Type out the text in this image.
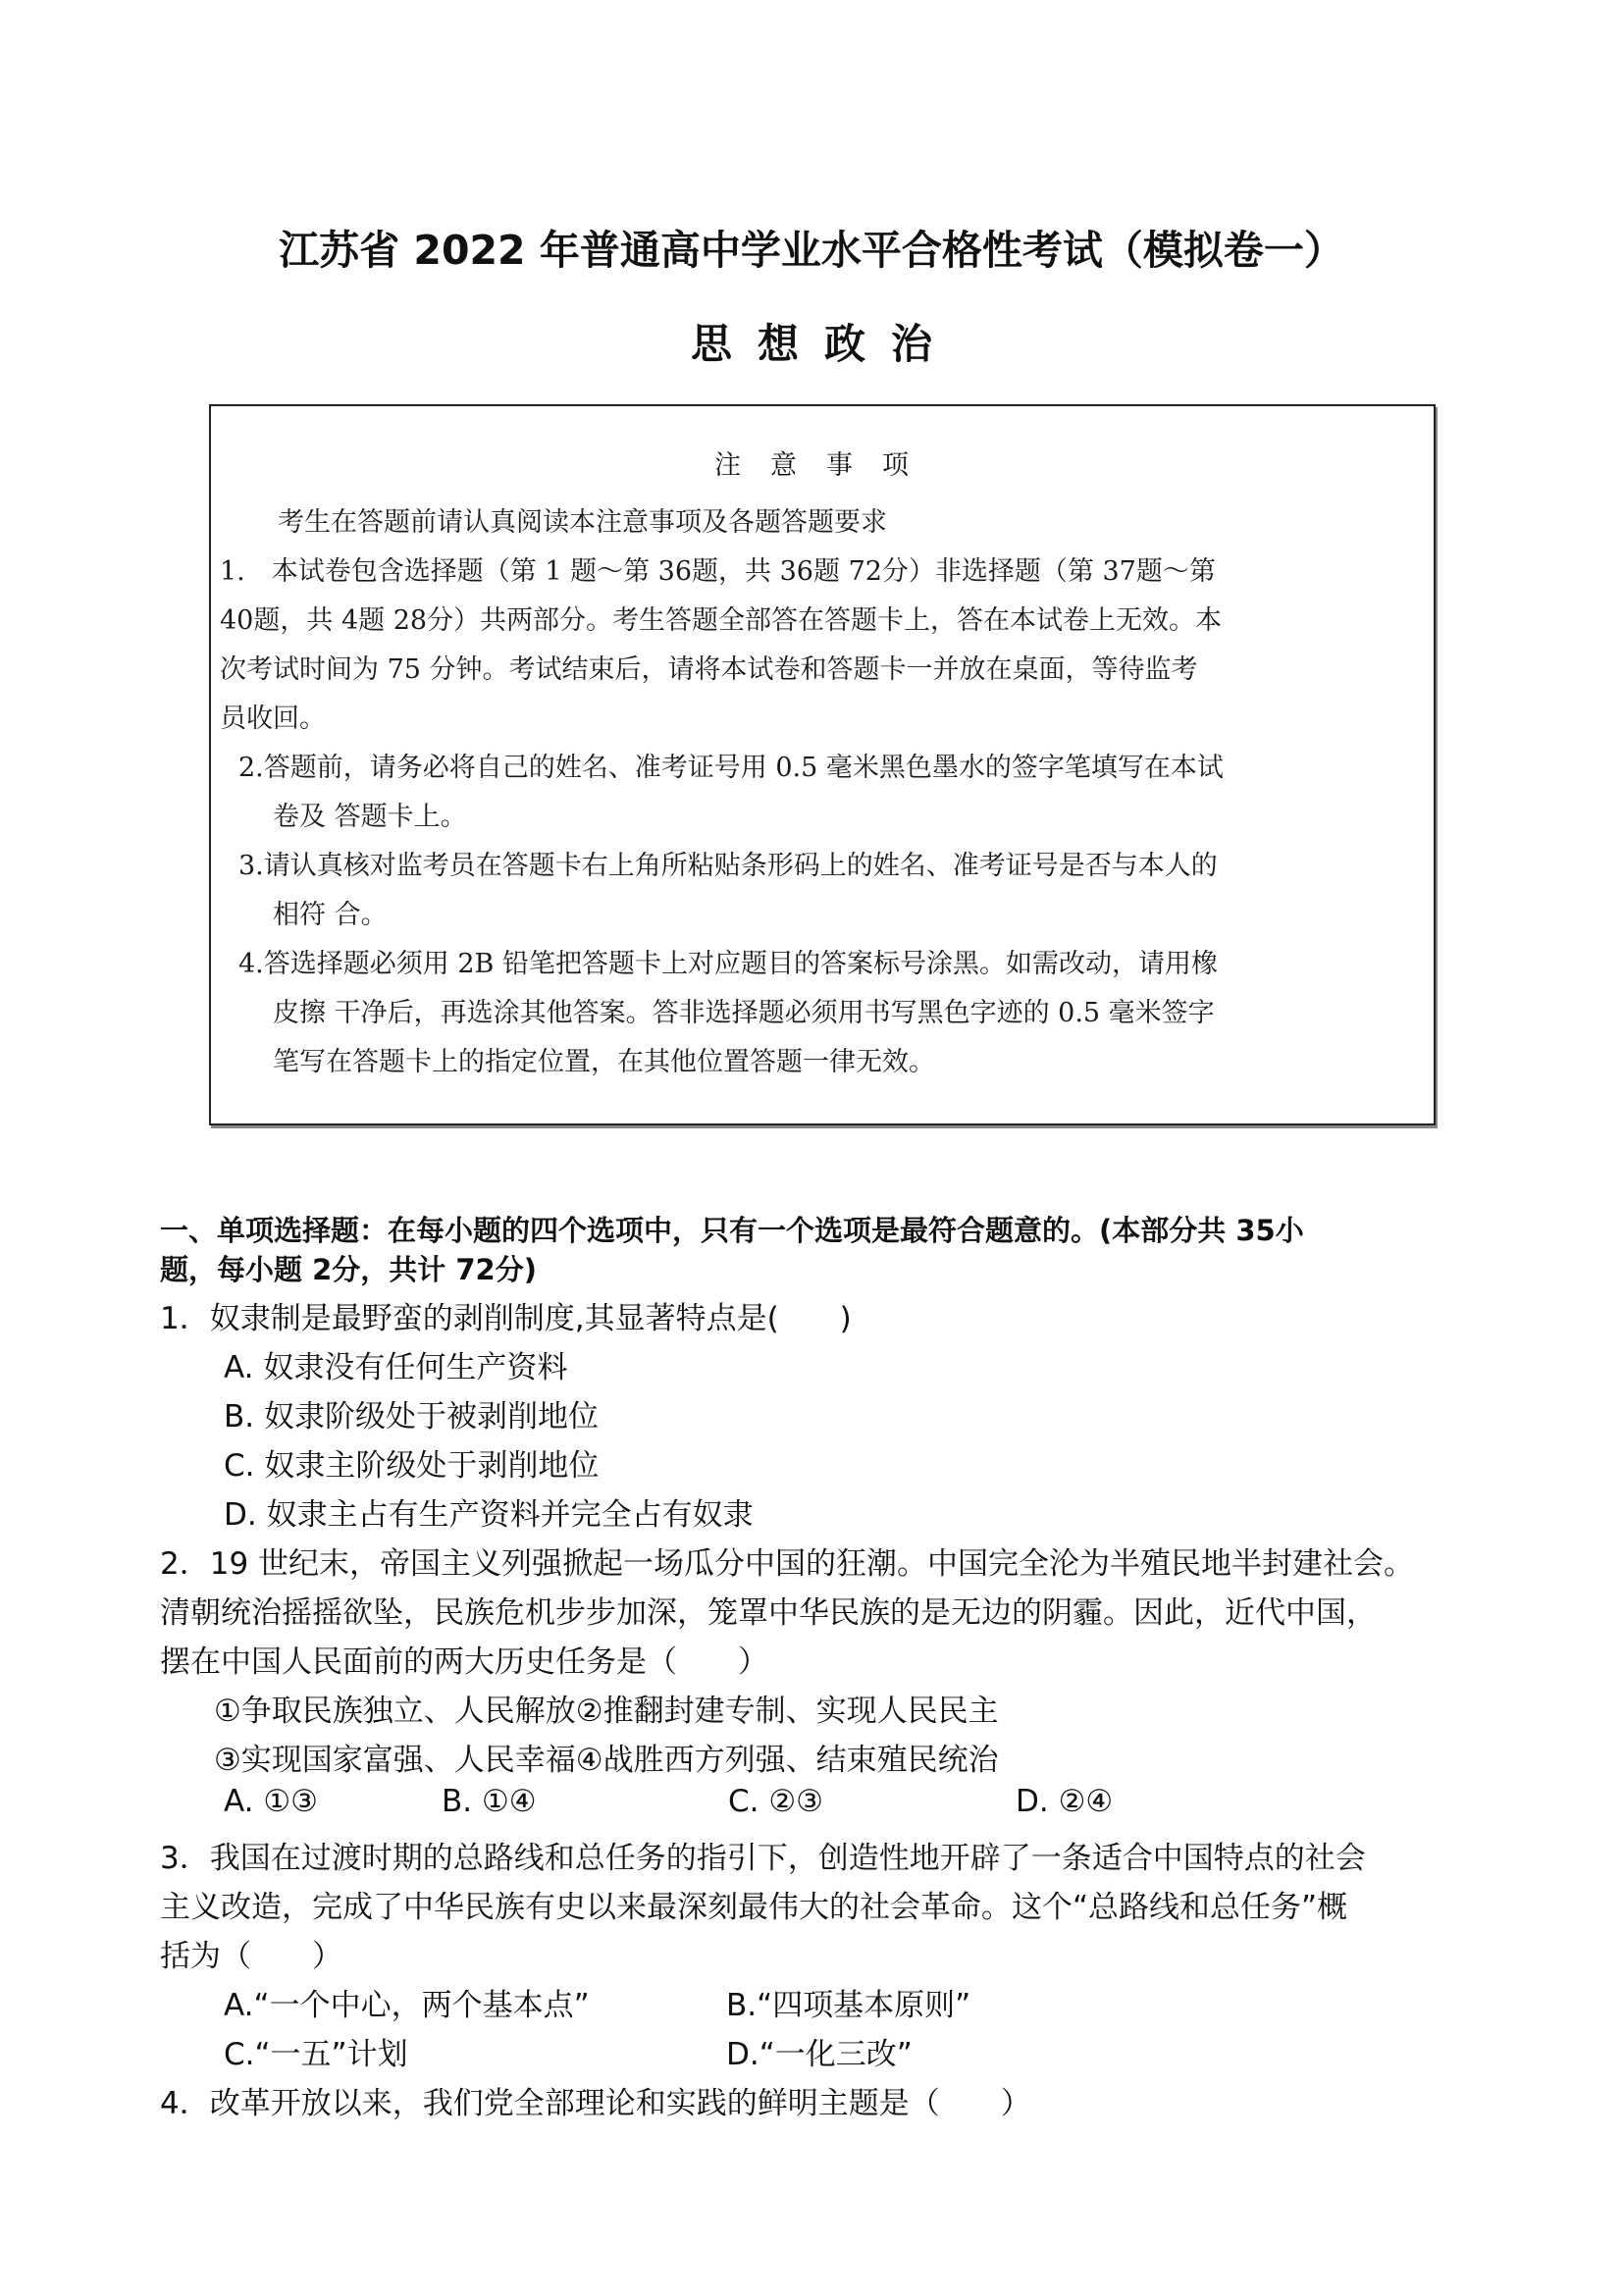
江苏省 2022 年普通高中学业水平合格性考试（模拟卷一）
思想政治
注意事项
考生在答题前请认真阅读本注意事项及各题答题要求
1.　本试卷包含选择题（第 1 题～第 36题，共 36题 72分）非选择题（第 37题～第
40题，共 4题 28分）共两部分。考生答题全部答在答题卡上，答在本试卷上无效。本
次考试时间为 75 分钟。考试结束后，请将本试卷和答题卡一并放在桌面，等待监考
员收回。
2.答题前，请务必将自己的姓名、准考证号用 0.5 毫米黑色墨水的签字笔填写在本试
卷及 答题卡上。
3.请认真核对监考员在答题卡右上角所粘贴条形码上的姓名、准考证号是否与本人的
相符 合。
4.答选择题必须用 2B 铅笔把答题卡上对应题目的答案标号涂黑。如需改动，请用橡
皮擦 干净后，再选涂其他答案。答非选择题必须用书写黑色字迹的 0.5 毫米签字
笔写在答题卡上的指定位置，在其他位置答题一律无效。
一、单项选择题：在每小题的四个选项中，只有一个选项是最符合题意的。(本部分共 35小
题，每小题 2分，共计 72分)
1．奴隶制是最野蛮的剥削制度,其显著特点是(　　)
A. 奴隶没有任何生产资料
B. 奴隶阶级处于被剥削地位
C. 奴隶主阶级处于剥削地位
D. 奴隶主占有生产资料并完全占有奴隶
2．19 世纪末，帝国主义列强掀起一场瓜分中国的狂潮。中国完全沦为半殖民地半封建社会。
清朝统治摇摇欲坠，民族危机步步加深，笼罩中华民族的是无边的阴霾。因此，近代中国，
摆在中国人民面前的两大历史任务是（　　）
①争取民族独立、人民解放②推翻封建专制、实现人民民主
③实现国家富强、人民幸福④战胜西方列强、结束殖民统治
A. ①③	B. ①④	C. ②③	D. ②④
3．我国在过渡时期的总路线和总任务的指引下，创造性地开辟了一条适合中国特点的社会
主义改造，完成了中华民族有史以来最深刻最伟大的社会革命。这个“总路线和总任务”概
括为（　　）
A.“一个中心，两个基本点”	B.“四项基本原则”
C.“一五”计划	D.“一化三改”
4．改革开放以来，我们党全部理论和实践的鲜明主题是（　　）
